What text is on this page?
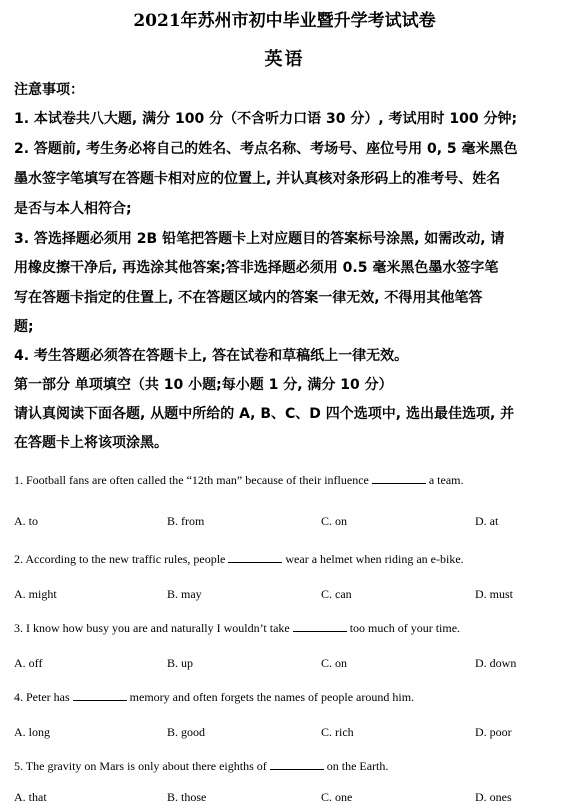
2021年苏州市初中毕业暨升学考试试卷
英语
注意事项：
1. 本试卷共八大题, 满分 100 分（不含听力口语 30 分）, 考试用时 100 分钟;
2. 答题前, 考生务必将自己的姓名、考点名称、考场号、座位号用 0, 5 毫米黑色
墨水签字笔填写在答题卡相对应的位置上, 并认真核对条形码上的准考号、姓名
是否与本人相符合;
3. 答选择题必须用 2B 铅笔把答题卡上对应题目的答案标号涂黑, 如需改动, 请
用橡皮擦干净后, 再选涂其他答案;答非选择题必须用 0.5 毫米黑色墨水签字笔
写在答题卡指定的住置上, 不在答题区域内的答案一律无效, 不得用其他笔答
题;
4. 考生答题必须答在答题卡上, 答在试卷和草稿纸上一律无效。
第一部分 单项填空（共 10 小题;每小题 1 分, 满分 10 分）
请认真阅读下面各题, 从题中所给的 A, B、C、D 四个选项中, 选出最佳选项, 并
在答题卡上将该项涂黑。
1. Football fans are often called the “12th man” because of their influence	a team.
A. to	B. from	C. on	D. at
2. According to the new traffic rules, people	wear a helmet when riding an e-bike.
A. might	B. may	C. can	D. must
3. I know how busy you are and naturally I wouldn’t take	too much of your time.
A. off	B. up	C. on	D. down
4. Peter has	memory and often forgets the names of people around him.
A. long	B. good	C. rich	D. poor
5. The gravity on Mars is only about there eighths of	on the Earth.
A. that	B. those	C. one	D. ones
